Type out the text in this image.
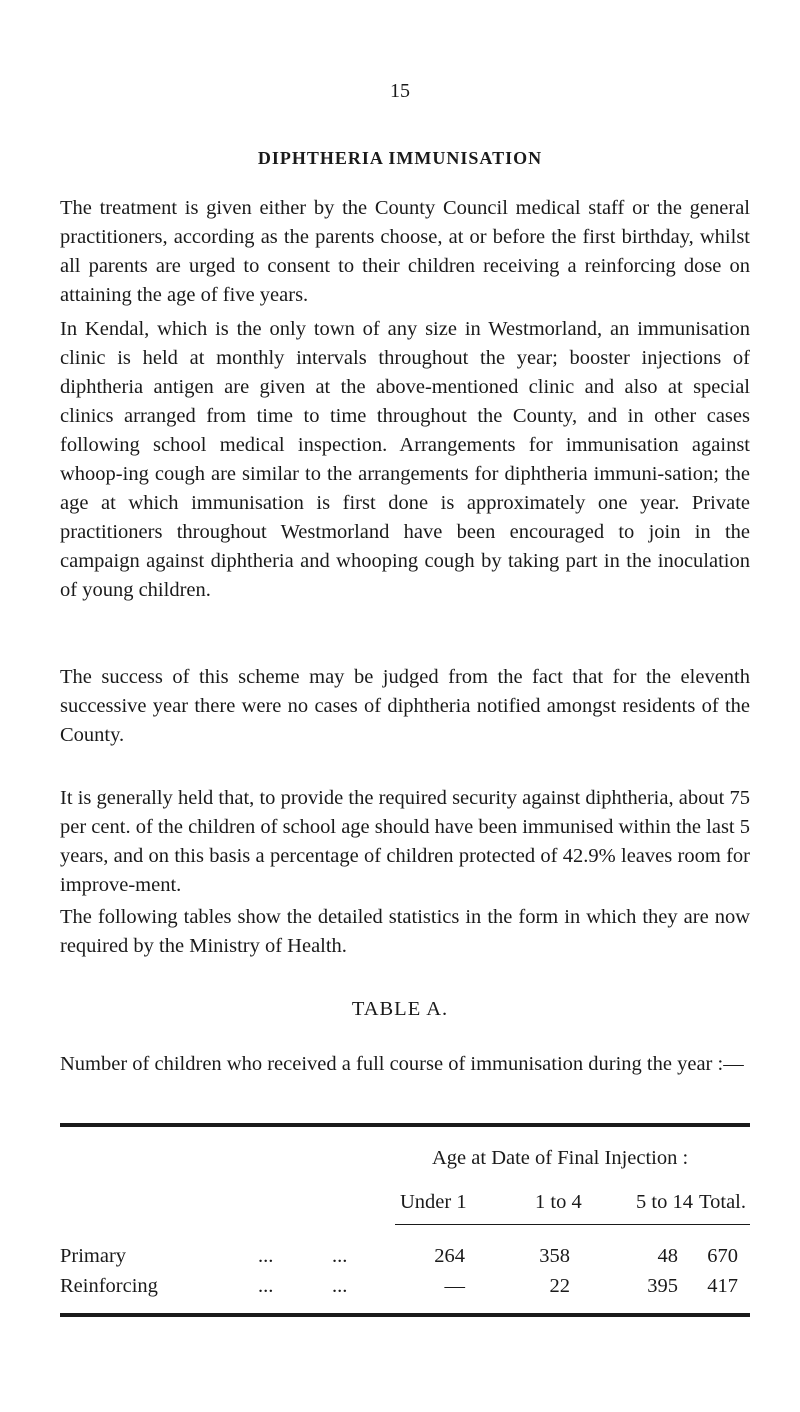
15
DIPHTHERIA IMMUNISATION

The treatment is given either by the County Council medical staff or the general practitioners, according as the parents choose, at or before the first birthday, whilst all parents are urged to consent to their children receiving a reinforcing dose on attaining the age of five years.

In Kendal, which is the only town of any size in Westmorland, an immunisation clinic is held at monthly intervals throughout the year; booster injections of diphtheria antigen are given at the above-mentioned clinic and also at special clinics arranged from time to time throughout the County, and in other cases following school medical inspection. Arrangements for immunisation against whoop-ing cough are similar to the arrangements for diphtheria immuni-sation; the age at which immunisation is first done is approximately one year. Private practitioners throughout Westmorland have been encouraged to join in the campaign against diphtheria and whooping cough by taking part in the inoculation of young children.

The success of this scheme may be judged from the fact that for the eleventh successive year there were no cases of diphtheria notified amongst residents of the County.

It is generally held that, to provide the required security against diphtheria, about 75 per cent. of the children of school age should have been immunised within the last 5 years, and on this basis a percentage of children protected of 42.9% leaves room for improve-ment.

The following tables show the detailed statistics in the form in which they are now required by the Ministry of Health.

TABLE A.

Number of children who received a full course of immunisation during the year :—

Age at Date of Final Injection :
Under 1	1 to 4	5 to 14 Total.
Primary	...	...	264	358	48	670
Reinforcing	...	...	—	22	395	417
